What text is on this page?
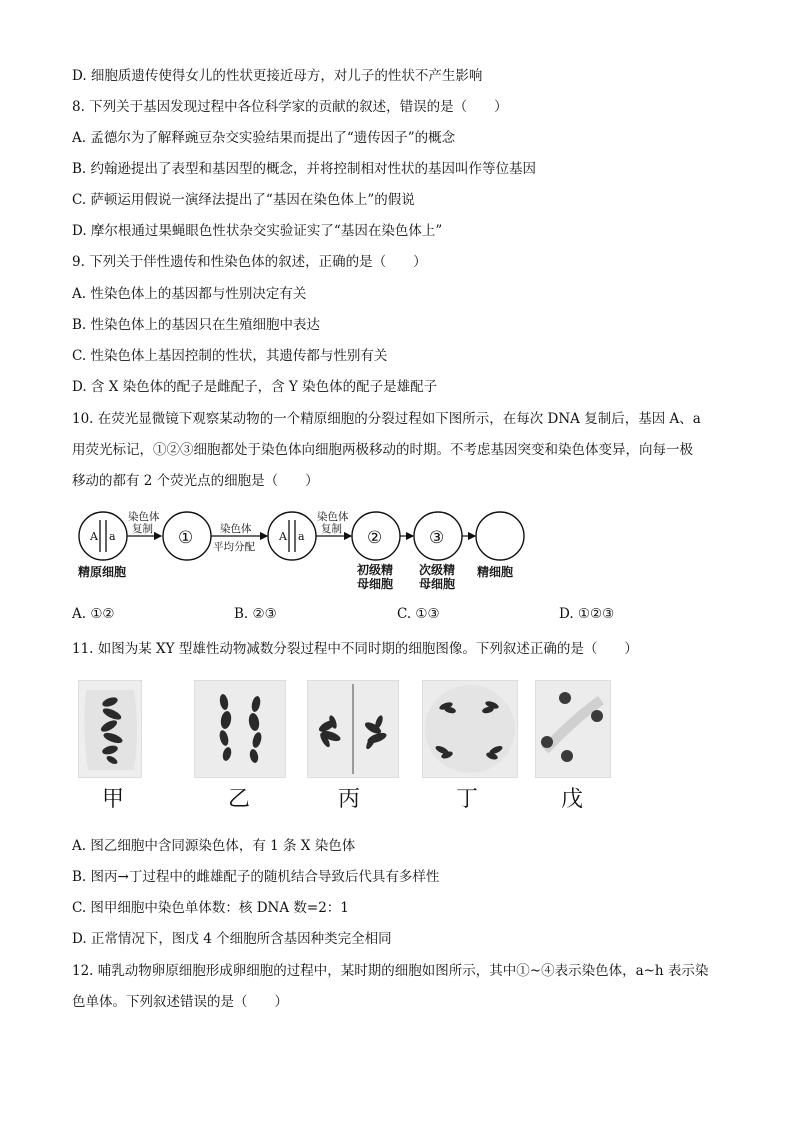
D. 细胞质遗传使得女儿的性状更接近母方，对儿子的性状不产生影响
8. 下列关于基因发现过程中各位科学家的贡献的叙述，错误的是（　　）
A. 孟德尔为了解释豌豆杂交实验结果而提出了“遗传因子”的概念
B. 约翰逊提出了表型和基因型的概念，并将控制相对性状的基因叫作等位基因
C. 萨顿运用假说一演绎法提出了“基因在染色体上”的假说
D. 摩尔根通过果蝇眼色性状杂交实验证实了“基因在染色体上”
9. 下列关于伴性遗传和性染色体的叙述，正确的是（　　）
A. 性染色体上的基因都与性别决定有关
B. 性染色体上的基因只在生殖细胞中表达
C. 性染色体上基因控制的性状，其遗传都与性别有关
D. 含 X 染色体的配子是雌配子，含 Y 染色体的配子是雄配子
10. 在荧光显微镜下观察某动物的一个精原细胞的分裂过程如下图所示，在每次 DNA 复制后，基因 A、a
用荧光标记，①②③细胞都处于染色体向细胞两极移动的时期。不考虑基因突变和染色体变异，向每一极
移动的都有 2 个荧光点的细胞是（　　）
A a
染色体
复制 ①	染色体
平均分配
A a
染色体
复制 ②	③
精原细胞	初级精
母细胞
次级精
母细胞
精细胞
A. ①②	B. ②③	C. ①③	D. ①②③
11. 如图为某 XY 型雄性动物减数分裂过程中不同时期的细胞图像。下列叙述正确的是（　　）
甲	乙	丙	丁	戊
A. 图乙细胞中含同源染色体，有 1 条 X 染色体
B. 图丙→丁过程中的雌雄配子的随机结合导致后代具有多样性
C. 图甲细胞中染色单体数：核 DNA 数=2：1
D. 正常情况下，图戊 4 个细胞所含基因种类完全相同
12. 哺乳动物卵原细胞形成卵细胞的过程中，某时期的细胞如图所示，其中①~④表示染色体，a~h 表示染
色单体。下列叙述错误的是（　　）
